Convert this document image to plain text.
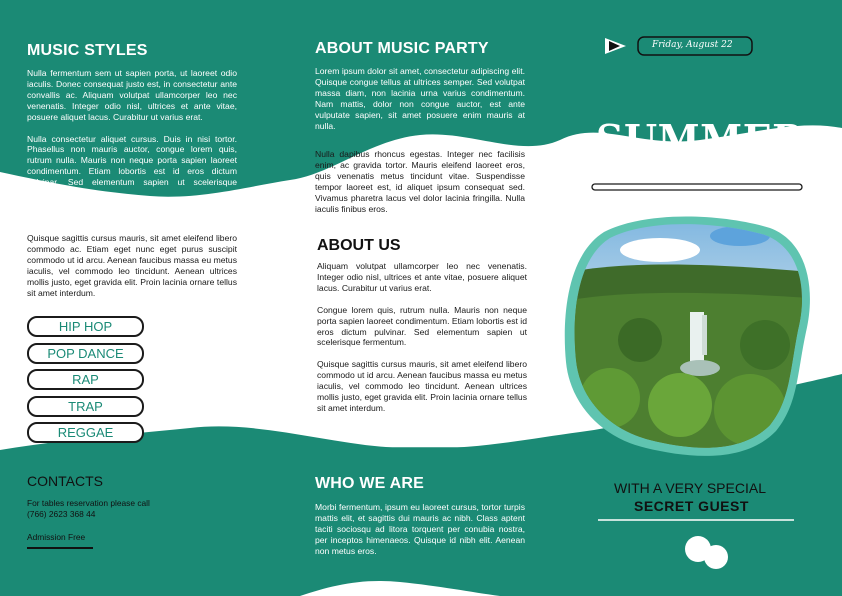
MUSIC STYLES

Nulla fermentum sem ut sapien porta, ut laoreet odio iaculis. Donec consequat justo est, in consectetur ante convallis ac. Aliquam volutpat ullamcorper leo nec venenatis. Integer odio nisl, ultrices et ante vitae, posuere aliquet lacus. Curabitur ut varius erat.

Nulla consectetur aliquet cursus. Duis in nisi tortor. Phasellus non mauris auctor, congue lorem quis, rutrum nulla. Mauris non neque porta sapien laoreet condimentum. Etiam lobortis est id eros dictum pulvinar. Sed elementum sapien ut scelerisque fermentum.

Quisque sagittis cursus mauris, sit amet eleifend libero commodo ac. Etiam eget nunc eget purus suscipit commodo ut id arcu. Aenean faucibus massa eu metus iaculis, vel commodo leo tincidunt. Aenean ultrices mollis justo, eget gravida elit. Proin lacinia ornare tellus sit amet interdum.

HIP HOP
POP DANCE
RAP
TRAP
REGGAE
CONTACTS
For tables reservation please call
(766) 2623 368 44
Admission Free
ABOUT MUSIC PARTY

Lorem ipsum dolor sit amet, consectetur adipiscing elit. Quisque congue tellus at ultrices semper. Sed volutpat massa diam, non lacinia urna varius condimentum. Nam mattis, dolor non congue auctor, est ante vulputate sapien, sit amet posuere enim mauris at nulla.

Nulla dapibus rhoncus egestas. Integer nec facilisis enim, ac gravida tortor. Mauris eleifend laoreet eros, quis venenatis metus tincidunt vitae. Suspendisse tempor laoreet est, id aliquet ipsum consequat sed. Vivamus pharetra lacus vel dolor lacinia fringilla. Nulla iaculis finibus eros.

ABOUT US

Aliquam volutpat ullamcorper leo nec venenatis. Integer odio nisl, ultrices et ante vitae, posuere aliquet lacus. Curabitur ut varius erat.

Congue lorem quis, rutrum nulla. Mauris non neque porta sapien laoreet condimentum. Etiam lobortis est id eros dictum pulvinar. Sed elementum sapien ut scelerisque fermentum.

Quisque sagittis cursus mauris, sit amet eleifend libero commodo ut id arcu. Aenean faucibus massa eu metus iaculis, vel commodo leo tincidunt. Aenean ultrices mollis justo, eget gravida elit. Proin lacinia ornare tellus sit amet interdum.

WHO WE ARE

Morbi fermentum, ipsum eu laoreet cursus, tortor turpis mattis elit, et sagittis dui mauris ac nibh. Class aptent taciti sociosqu ad litora torquent per conubia nostra, per inceptos himenaeos. Quisque id nibh elit. Aenean non metus eros.

Friday, August 22
SUMMER
MUSIC PARTY
WITH A VERY SPECIAL
SECRET GUEST
